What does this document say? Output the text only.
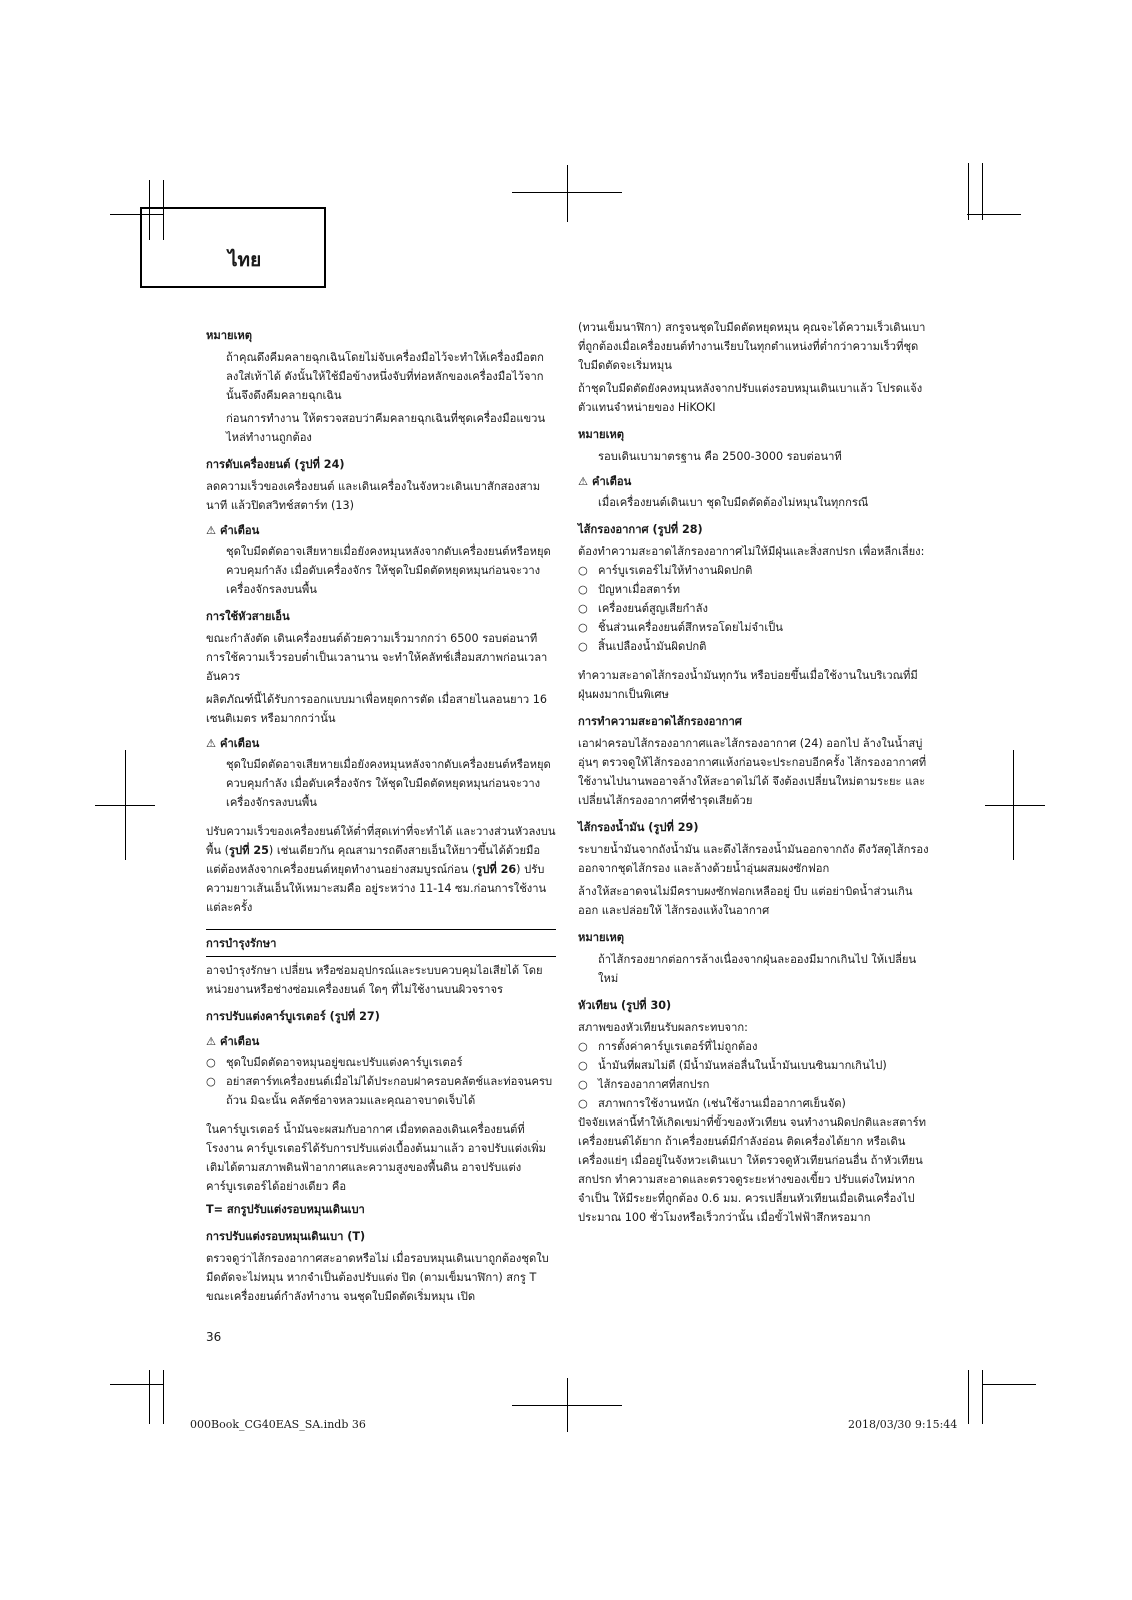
ไทย
หมายเหตุ

ถ้าคุณดึงคีมคลายฉุกเฉินโดยไม่จับเครื่องมือไว้จะทำให้เครื่องมือตกลงใส่เท้าได้ ดังนั้นให้ใช้มือข้างหนึ่งจับที่ท่อหลักของเครื่องมือไว้จากนั้นจึงดึงคีมคลายฉุกเฉิน

ก่อนการทำงาน ให้ตรวจสอบว่าคีมคลายฉุกเฉินที่ชุดเครื่องมือแขวนไหล่ทำงานถูกต้อง

การดับเครื่องยนต์ (รูปที่ 24)

ลดความเร็วของเครื่องยนต์ และเดินเครื่องในจังหวะเดินเบาสักสองสามนาที แล้วปิดสวิทช์สตาร์ท (13)

⚠ คำเตือน

ชุดใบมีดตัดอาจเสียหายเมื่อยังคงหมุนหลังจากดับเครื่องยนต์หรือหยุดควบคุมกำลัง เมื่อดับเครื่องจักร ให้ชุดใบมีดตัดหยุดหมุนก่อนจะวางเครื่องจักรลงบนพื้น

การใช้หัวสายเอ็น

ขณะกำลังตัด เดินเครื่องยนต์ด้วยความเร็วมากกว่า 6500 รอบต่อนาที การใช้ความเร็วรอบต่ำเป็นเวลานาน จะทำให้คลัทช์เสื่อมสภาพก่อนเวลาอันควร

ผลิตภัณฑ์นี้ได้รับการออกแบบมาเพื่อหยุดการตัด เมื่อสายไนลอนยาว 16 เซนติเมตร หรือมากกว่านั้น

⚠ คำเตือน

ชุดใบมีดตัดอาจเสียหายเมื่อยังคงหมุนหลังจากดับเครื่องยนต์หรือหยุดควบคุมกำลัง เมื่อดับเครื่องจักร ให้ชุดใบมีดตัดหยุดหมุนก่อนจะวางเครื่องจักรลงบนพื้น

ปรับความเร็วของเครื่องยนต์ให้ต่ำที่สุดเท่าที่จะทำได้ และวางส่วนหัวลงบนพื้น (รูปที่ 25) เช่นเดียวกัน คุณสามารถดึงสายเอ็นให้ยาวขึ้นได้ด้วยมือ แต่ต้องหลังจากเครื่องยนต์หยุดทำงานอย่างสมบูรณ์ก่อน (รูปที่ 26) ปรับความยาวเส้นเอ็นให้เหมาะสมคือ อยู่ระหว่าง 11-14 ซม.ก่อนการใช้งานแต่ละครั้ง

การบำรุงรักษา

อาจบำรุงรักษา เปลี่ยน หรือซ่อมอุปกรณ์และระบบควบคุมไอเสียได้ โดยหน่วยงานหรือช่างซ่อมเครื่องยนต์ ใดๆ ที่ไม่ใช้งานบนผิวจราจร

การปรับแต่งคาร์บูเรเตอร์ (รูปที่ 27)
⚠ คำเตือน
○ ชุดใบมีดตัดอาจหมุนอยู่ขณะปรับแต่งคาร์บูเรเตอร์
○ อย่าสตาร์ทเครื่องยนต์เมื่อไม่ได้ประกอบฝาครอบคลัตช์และท่อจนครบถ้วน มิฉะนั้น คลัตช์อาจหลวมและคุณอาจบาดเจ็บได้

ในคาร์บูเรเตอร์ น้ำมันจะผสมกับอากาศ เมื่อทดลองเดินเครื่องยนต์ที่โรงงาน คาร์บูเรเตอร์ได้รับการปรับแต่งเบื้องต้นมาแล้ว อาจปรับแต่งเพิ่มเติมได้ตามสภาพดินฟ้าอากาศและความสูงของพื้นดิน อาจปรับแต่งคาร์บูเรเตอร์ได้อย่างเดียว คือ

T= สกรูปรับแต่งรอบหมุนเดินเบา

การปรับแต่งรอบหมุนเดินเบา (T)

ตรวจดูว่าไส้กรองอากาศสะอาดหรือไม่ เมื่อรอบหมุนเดินเบาถูกต้องชุดใบมีดตัดจะไม่หมุน หากจำเป็นต้องปรับแต่ง ปิด (ตามเข็มนาฬิกา) สกรู T ขณะเครื่องยนต์กำลังทำงาน จนชุดใบมีดตัดเริ่มหมุน เปิด

(ทวนเข็มนาฬิกา) สกรูจนชุดใบมีดตัดหยุดหมุน คุณจะได้ความเร็วเดินเบาที่ถูกต้องเมื่อเครื่องยนต์ทำงานเรียบในทุกตำแหน่งที่ต่ำกว่าความเร็วที่ชุดใบมีดตัดจะเริ่มหมุน

ถ้าชุดใบมีดตัดยังคงหมุนหลังจากปรับแต่งรอบหมุนเดินเบาแล้ว โปรดแจ้งตัวแทนจำหน่ายของ HiKOKI

หมายเหตุ

รอบเดินเบามาตรฐาน คือ 2500-3000 รอบต่อนาที

⚠ คำเตือน

เมื่อเครื่องยนต์เดินเบา ชุดใบมีดตัดต้องไม่หมุนในทุกกรณี

ไส้กรองอากาศ (รูปที่ 28)

ต้องทำความสะอาดไส้กรองอากาศไม่ให้มีฝุ่นและสิ่งสกปรก เพื่อหลีกเลี่ยง:

○ คาร์บูเรเตอร์ไม่ให้ทำงานผิดปกติ
○ ปัญหาเมื่อสตาร์ท
○ เครื่องยนต์สูญเสียกำลัง
○ ชิ้นส่วนเครื่องยนต์สึกหรอโดยไม่จำเป็น
○ สิ้นเปลืองน้ำมันผิดปกติ

ทำความสะอาดไส้กรองน้ำมันทุกวัน หรือบ่อยขึ้นเมื่อใช้งานในบริเวณที่มีฝุ่นผงมากเป็นพิเศษ

การทำความสะอาดไส้กรองอากาศ

เอาฝาครอบไส้กรองอากาศและไส้กรองอากาศ (24) ออกไป ล้างในน้ำสบู่อุ่นๆ ตรวจดูให้ไส้กรองอากาศแห้งก่อนจะประกอบอีกครั้ง ไส้กรองอากาศที่ใช้งานไปนานพออาจล้างให้สะอาดไม่ได้ จึงต้องเปลี่ยนใหม่ตามระยะ และเปลี่ยนไส้กรองอากาศที่ชำรุดเสียด้วย

ไส้กรองน้ำมัน (รูปที่ 29)

ระบายน้ำมันจากถังน้ำมัน และดึงไส้กรองน้ำมันออกจากถัง ดึงวัสดุไส้กรองออกจากชุดไส้กรอง และล้างด้วยน้ำอุ่นผสมผงซักฟอก

ล้างให้สะอาดจนไม่มีคราบผงซักฟอกเหลืออยู่ บีบ แต่อย่าบิดน้ำส่วนเกิน ออก และปล่อยให้ ไส้กรองแห้งในอากาศ

หมายเหตุ

ถ้าไส้กรองยากต่อการล้างเนื่องจากฝุ่นละอองมีมากเกินไป ให้เปลี่ยนใหม่

หัวเทียน (รูปที่ 30)

สภาพของหัวเทียนรับผลกระทบจาก:

○ การตั้งค่าคาร์บูเรเตอร์ที่ไม่ถูกต้อง
○ น้ำมันที่ผสมไม่ดี (มีน้ำมันหล่อลื่นในน้ำมันเบนซินมากเกินไป)
○ ไส้กรองอากาศที่สกปรก
○ สภาพการใช้งานหนัก (เช่นใช้งานเมื่ออากาศเย็นจัด)

ปัจจัยเหล่านี้ทำให้เกิดเขม่าที่ขั้วของหัวเทียน จนทำงานผิดปกติและสตาร์ทเครื่องยนต์ได้ยาก ถ้าเครื่องยนต์มีกำลังอ่อน ติดเครื่องได้ยาก หรือเดินเครื่องแย่ๆ เมื่ออยู่ในจังหวะเดินเบา ให้ตรวจดูหัวเทียนก่อนอื่น ถ้าหัวเทียนสกปรก ทำความสะอาดและตรวจดูระยะห่างของเขี้ยว ปรับแต่งใหม่หากจำเป็น ให้มีระยะที่ถูกต้อง 0.6 มม. ควรเปลี่ยนหัวเทียนเมื่อเดินเครื่องไปประมาณ 100 ชั่วโมงหรือเร็วกว่านั้น เมื่อขั้วไฟฟ้าสึกหรอมาก

36
000Book_CG40EAS_SA.indb 36	2018/03/30 9:15:44
